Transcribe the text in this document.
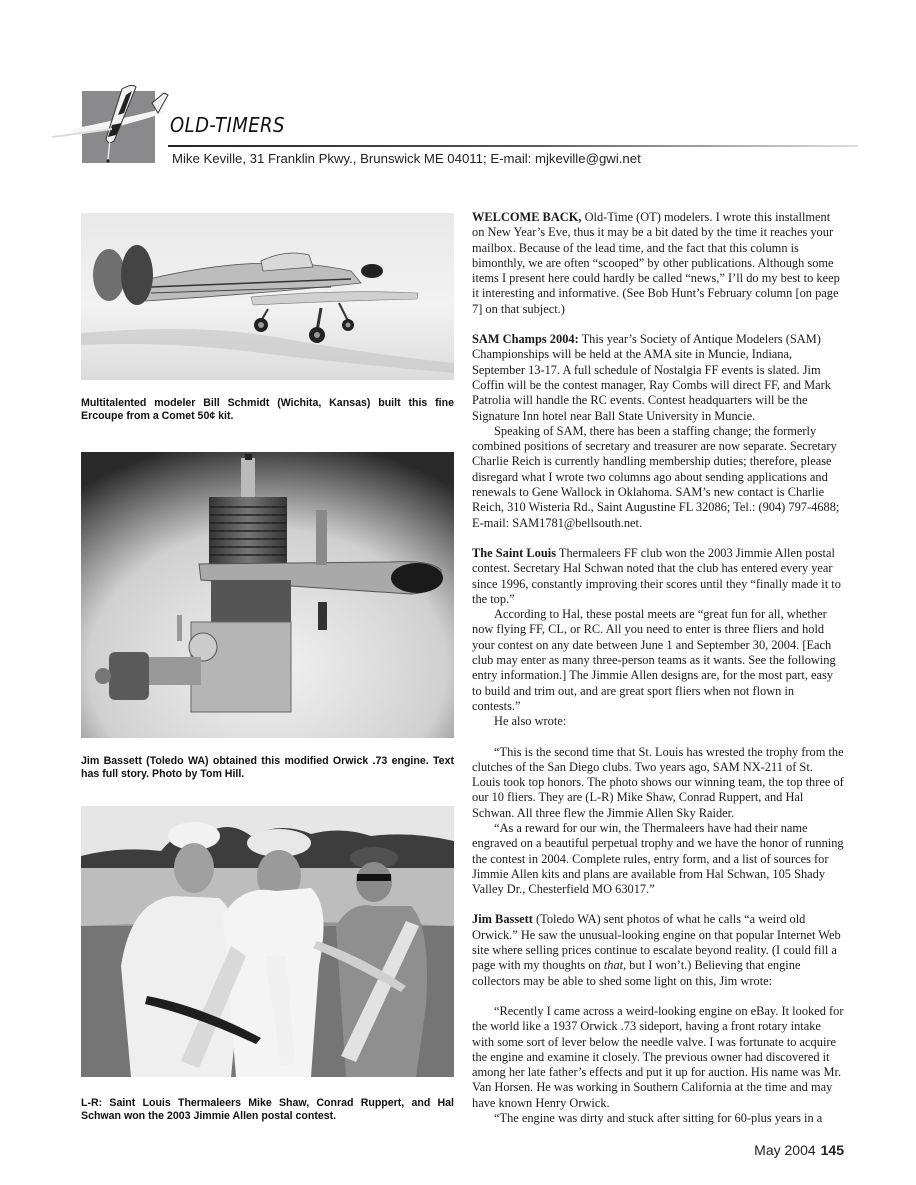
OLD-TIMERS
Mike Keville, 31 Franklin Pkwy., Brunswick ME 04011; E-mail: mjkeville@gwi.net
Multitalented modeler Bill Schmidt (Wichita, Kansas) built this fine Ercoupe from a Comet 50¢ kit.
Jim Bassett (Toledo WA) obtained this modified Orwick .73 engine. Text has full story. Photo by Tom Hill.
L-R: Saint Louis Thermaleers Mike Shaw, Conrad Ruppert, and Hal Schwan won the 2003 Jimmie Allen postal contest.

WELCOME BACK, Old-Time (OT) modelers. I wrote this installment on New Year’s Eve, thus it may be a bit dated by the time it reaches your mailbox. Because of the lead time, and the fact that this column is bimonthly, we are often “scooped” by other publications. Although some items I present here could hardly be called “news,” I’ll do my best to keep it interesting and informative. (See Bob Hunt’s February column [on page 7] on that subject.)

SAM Champs 2004: This year’s Society of Antique Modelers (SAM) Championships will be held at the AMA site in Muncie, Indiana, September 13-17. A full schedule of Nostalgia FF events is slated. Jim Coffin will be the contest manager, Ray Combs will direct FF, and Mark Patrolia will handle the RC events. Contest headquarters will be the Signature Inn hotel near Ball State University in Muncie.

Speaking of SAM, there has been a staffing change; the formerly combined positions of secretary and treasurer are now separate. Secretary Charlie Reich is currently handling membership duties; therefore, please disregard what I wrote two columns ago about sending applications and renewals to Gene Wallock in Oklahoma. SAM’s new contact is Charlie Reich, 310 Wisteria Rd., Saint Augustine FL 32086; Tel.: (904) 797-4688; E-mail: SAM1781@bellsouth.net.

The Saint Louis Thermaleers FF club won the 2003 Jimmie Allen postal contest. Secretary Hal Schwan noted that the club has entered every year since 1996, constantly improving their scores until they “finally made it to the top.”

According to Hal, these postal meets are “great fun for all, whether now flying FF, CL, or RC. All you need to enter is three fliers and hold your contest on any date between June 1 and September 30, 2004. [Each club may enter as many three-person teams as it wants. See the following entry information.] The Jimmie Allen designs are, for the most part, easy to build and trim out, and are great sport fliers when not flown in contests.”

He also wrote:

“This is the second time that St. Louis has wrested the trophy from the clutches of the San Diego clubs. Two years ago, SAM NX-211 of St. Louis took top honors. The photo shows our winning team, the top three of our 10 fliers. They are (L-R) Mike Shaw, Conrad Ruppert, and Hal Schwan. All three flew the Jimmie Allen Sky Raider.

“As a reward for our win, the Thermaleers have had their name engraved on a beautiful perpetual trophy and we have the honor of running the contest in 2004. Complete rules, entry form, and a list of sources for Jimmie Allen kits and plans are available from Hal Schwan, 105 Shady Valley Dr., Chesterfield MO 63017.”

Jim Bassett (Toledo WA) sent photos of what he calls “a weird old Orwick.” He saw the unusual-looking engine on that popular Internet Web site where selling prices continue to escalate beyond reality. (I could fill a page with my thoughts on that, but I won’t.) Believing that engine collectors may be able to shed some light on this, Jim wrote:

“Recently I came across a weird-looking engine on eBay. It looked for the world like a 1937 Orwick .73 sideport, having a front rotary intake with some sort of lever below the needle valve. I was fortunate to acquire the engine and examine it closely. The previous owner had discovered it among her late father’s effects and put it up for auction. His name was Mr. Van Horsen. He was working in Southern California at the time and may have known Henry Orwick.

“The engine was dirty and stuck after sitting for 60-plus years in a

May 2004 145
